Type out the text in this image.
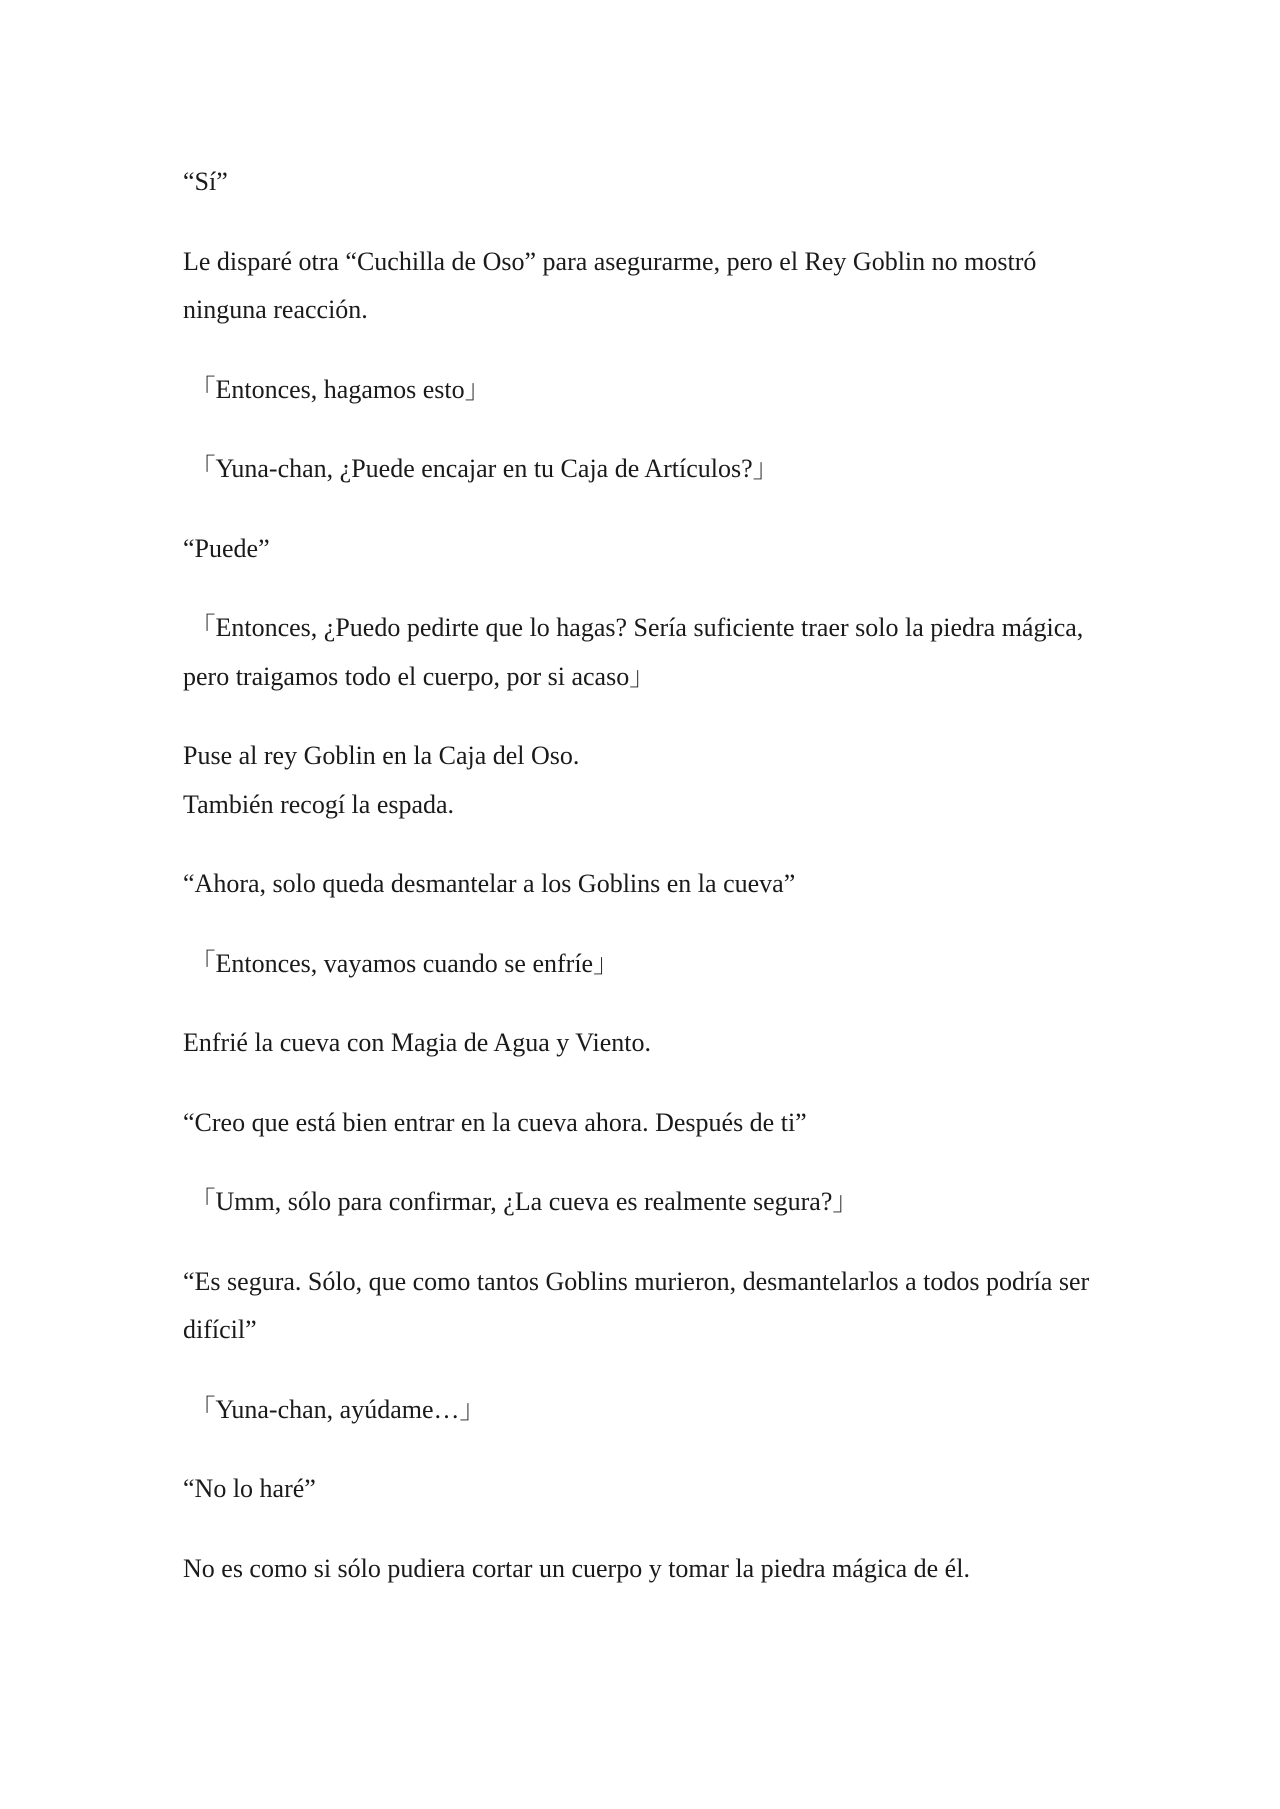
“Sí”

Le disparé otra “Cuchilla de Oso” para asegurarme, pero el Rey Goblin no mostró ninguna reacción.

「Entonces, hagamos esto」

「Yuna-chan, ¿Puede encajar en tu Caja de Artículos?」

“Puede”

「Entonces, ¿Puedo pedirte que lo hagas? Sería suficiente traer solo la piedra mágica, pero traigamos todo el cuerpo, por si acaso」

Puse al rey Goblin en la Caja del Oso.
También recogí la espada.

“Ahora, solo queda desmantelar a los Goblins en la cueva”

「Entonces, vayamos cuando se enfríe」

Enfrié la cueva con Magia de Agua y Viento.

“Creo que está bien entrar en la cueva ahora. Después de ti”

「Umm, sólo para confirmar, ¿La cueva es realmente segura?」

“Es segura. Sólo, que como tantos Goblins murieron, desmantelarlos a todos podría ser difícil”

「Yuna-chan, ayúdame…」

“No lo haré”

No es como si sólo pudiera cortar un cuerpo y tomar la piedra mágica de él.
